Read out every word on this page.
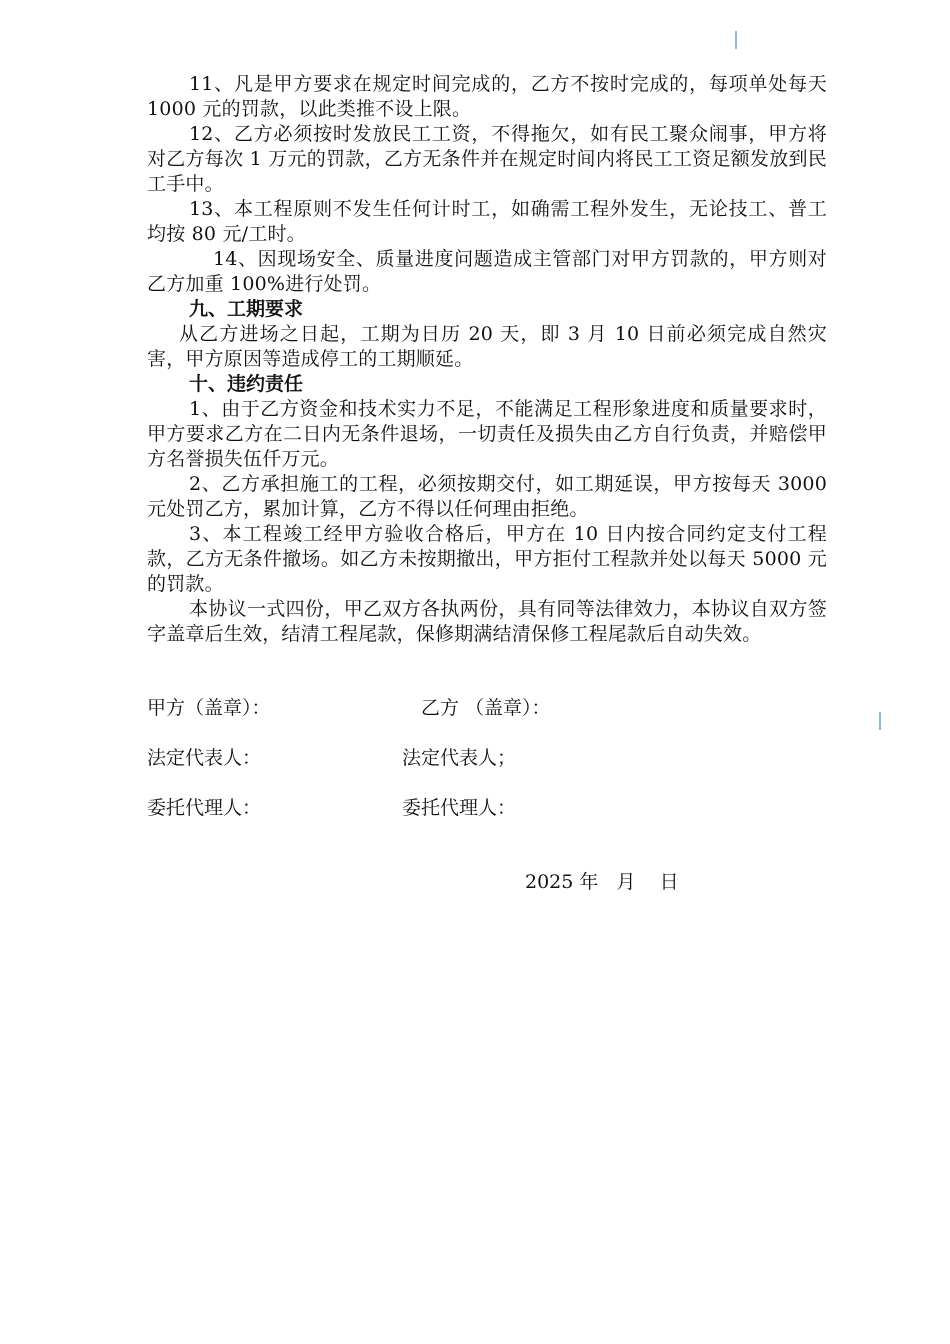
11、凡是甲方要求在规定时间完成的，乙方不按时完成的，每项单处每天 1000 元的罚款，以此类推不设上限。

12、乙方必须按时发放民工工资，不得拖欠，如有民工聚众闹事，甲方将对乙方每次 1 万元的罚款，乙方无条件并在规定时间内将民工工资足额发放到民工手中。

13、本工程原则不发生任何计时工，如确需工程外发生，无论技工、普工均按 80 元/工时。

14、因现场安全、质量进度问题造成主管部门对甲方罚款的，甲方则对乙方加重 100%进行处罚。

九、工期要求

从乙方进场之日起，工期为日历 20 天，即 3 月 10 日前必须完成自然灾害，甲方原因等造成停工的工期顺延。

十、违约责任

1、由于乙方资金和技术实力不足，不能满足工程形象进度和质量要求时，甲方要求乙方在二日内无条件退场，一切责任及损失由乙方自行负责，并赔偿甲方名誉损失伍仟万元。

2、乙方承担施工的工程，必须按期交付，如工期延误，甲方按每天 3000 元处罚乙方，累加计算，乙方不得以任何理由拒绝。

3、本工程竣工经甲方验收合格后，甲方在 10 日内按合同约定支付工程款，乙方无条件撤场。如乙方未按期撤出，甲方拒付工程款并处以每天 5000 元的罚款。

本协议一式四份，甲乙双方各执两份，具有同等法律效力，本协议自双方签字盖章后生效，结清工程尾款，保修期满结清保修工程尾款后自动失效。

甲方（盖章）：	乙方 （盖章）：
法定代表人：	法定代表人；
委托代理人：	委托代理人：
2025 年   月    日
